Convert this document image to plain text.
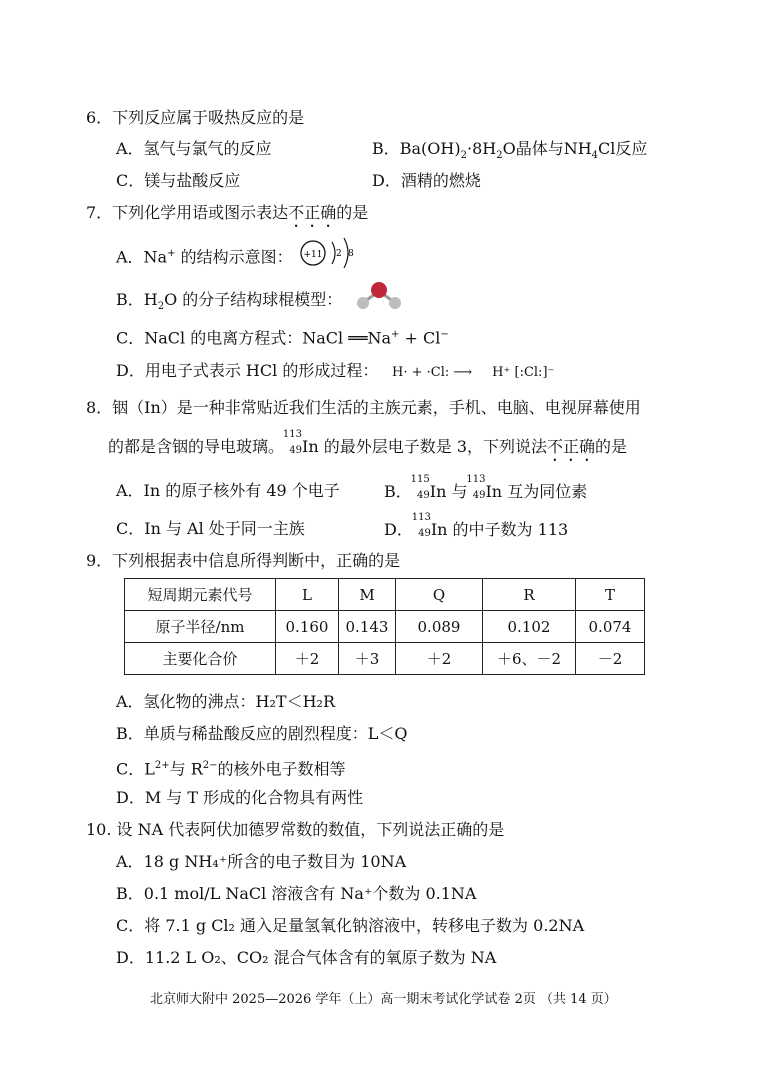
6．下列反应属于吸热反应的是
A．氢气与氯气的反应	B．$Ba(OH)_2\cdot 8H_2O$晶体与$NH_4Cl$反应
C．镁与盐酸反应	D．酒精的燃烧
7．下列化学用语或图示表达不正确的是
A．Na+ 的结构示意图： +11 2 8
B．$H_2O$ 的分子结构球棍模型：
C．NaCl 的电离方程式：NaCl ══Na+ + Cl−
D．用电子式表示 HCl 的形成过程： H· + ·Cl: ⟶ H⁺ [:Cl:]⁻
8．铟（In）是一种非常贴近我们生活的主族元素，手机、电脑、电视屏幕使用
的都是含铟的导电玻璃。
113
49 In 的最外层电子数是 3，下列说法不正确的是
A．In 的原子核外有 49 个电子	B．
115
49 In 与
113
49 In 互为同位素
C．In 与 Al 处于同一主族	D．
113
49 In 的中子数为 113
9．下列根据表中信息所得判断中，正确的是
短周期元素代号	L	M	Q	R	T
原子半径/nm	0.160	0.143	0.089	0.102	0.074
主要化合价	＋2	＋3	＋2	＋6、－2	－2
A．氢化物的沸点：H₂T＜H₂R
B．单质与稀盐酸反应的剧烈程度：L＜Q
C．$L^{2+}$与 $R^{2-}$的核外电子数相等
D．M 与 T 形成的化合物具有两性
10. 设 NA 代表阿伏加德罗常数的数值，下列说法正确的是
A．18 g NH₄⁺所含的电子数目为 10NA
B．0.1 mol/L NaCl 溶液含有 Na⁺个数为 0.1NA
C．将 7.1 g Cl₂ 通入足量氢氧化钠溶液中，转移电子数为 0.2NA
D．11.2 L O₂、CO₂ 混合气体含有的氧原子数为 NA
北京师大附中 2025—2026 学年（上）高一期末考试化学试卷 2页 （共 14 页）
